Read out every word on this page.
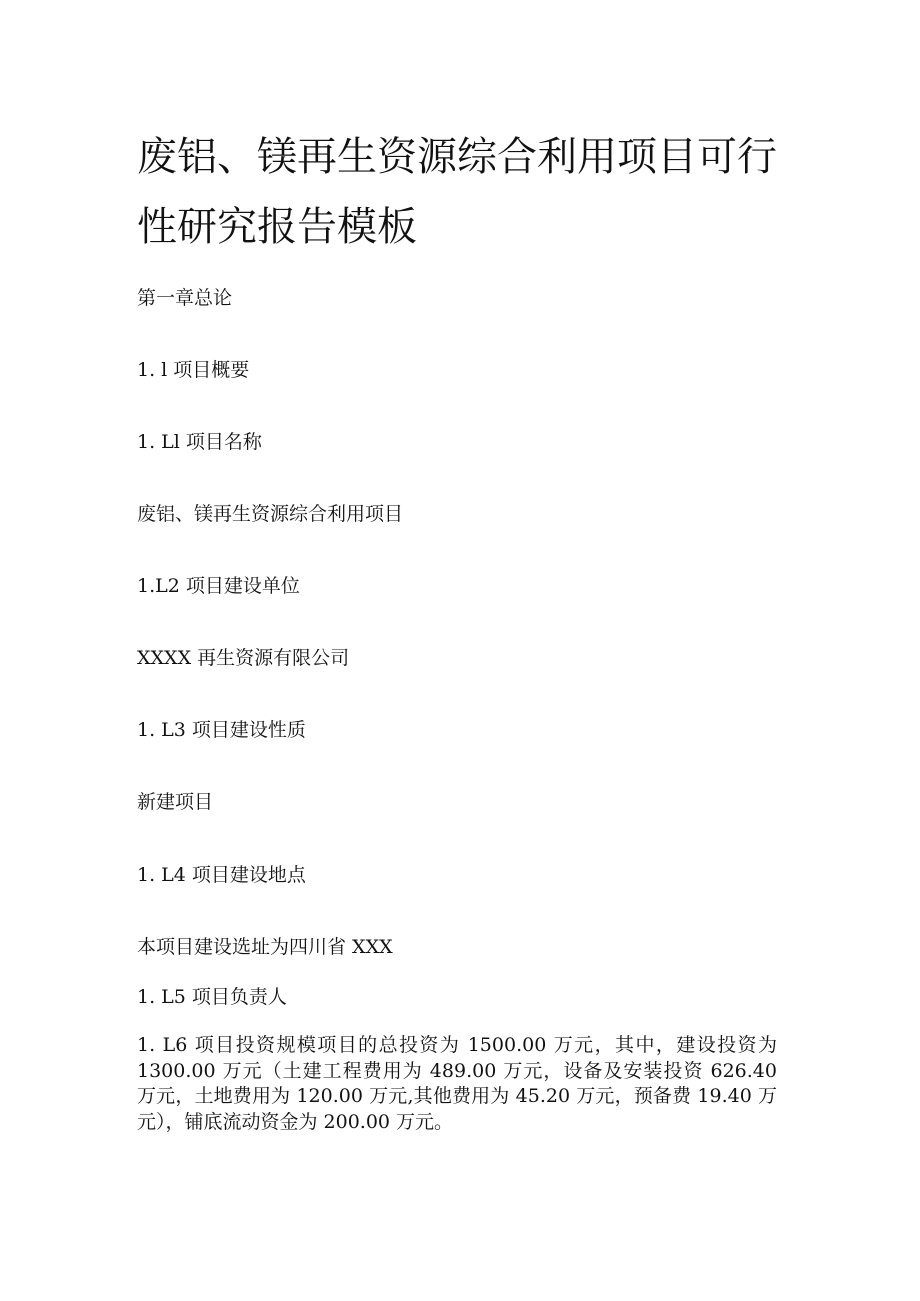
废铝、镁再生资源综合利用项目可行性研究报告模板

第一章总论

1. l 项目概要

1. Ll 项目名称

废铝、镁再生资源综合利用项目

1.L2 项目建设单位

XXXX 再生资源有限公司

1. L3 项目建设性质

新建项目

1. L4 项目建设地点

本项目建设选址为四川省 XXX

1. L5 项目负责人

1. L6 项目投资规模项目的总投资为 1500.00 万元，其中，建设投资为 1300.00 万元（土建工程费用为 489.00 万元，设备及安装投资 626.40 万元，土地费用为 120.00 万元,其他费用为 45.20 万元，预备费 19.40 万元），铺底流动资金为 200.00 万元。
